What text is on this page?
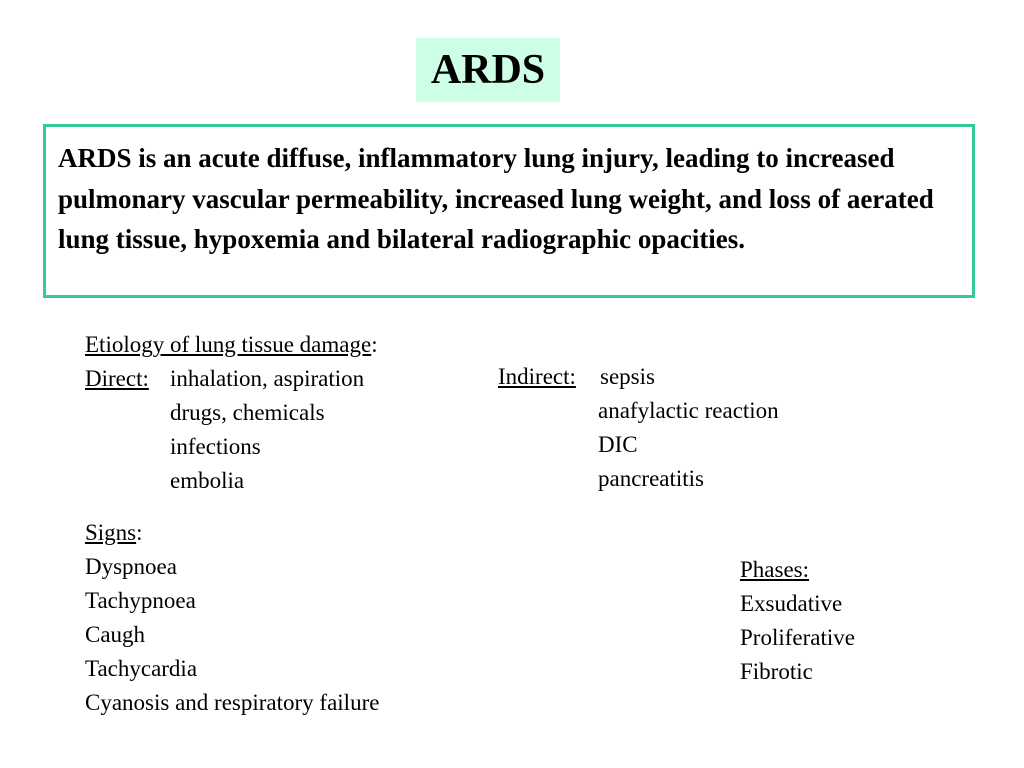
ARDS
ARDS is an acute diffuse, inflammatory lung injury, leading to increased pulmonary vascular permeability, increased lung weight, and loss of aerated lung tissue, hypoxemia and bilateral radiographic opacities.
Etiology of lung tissue damage:
Direct: inhalation, aspiration
drugs, chemicals
infections
embolia
Indirect: sepsis
anafylactic reaction
DIC
pancreatitis
Signs:
Dyspnoea
Tachypnoea
Caugh
Tachycardia
Cyanosis and respiratory failure
Phases:
Exsudative
Proliferative
Fibrotic
